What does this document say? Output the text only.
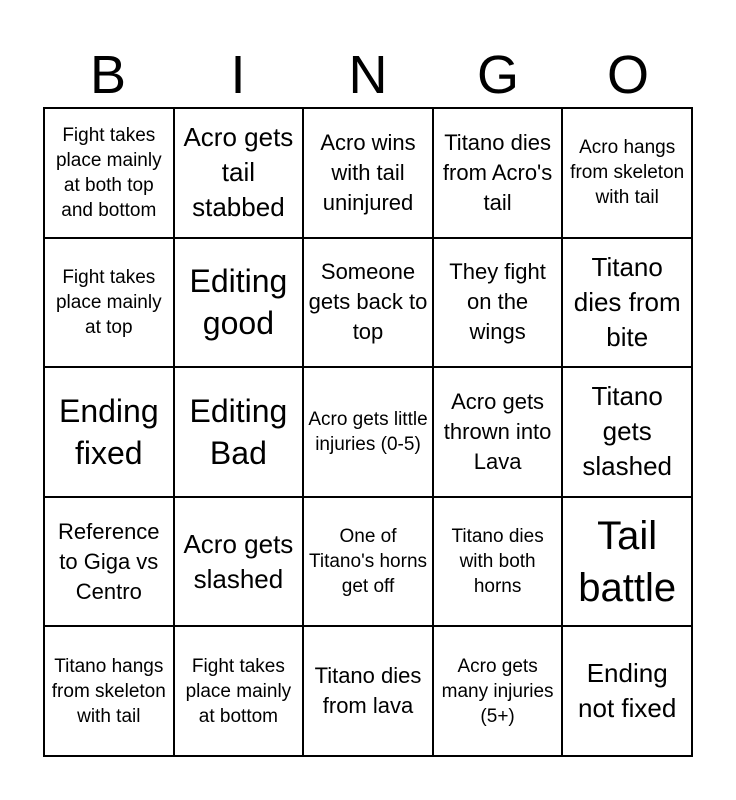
B	I	N	G	O
Fight takes place mainly at both top and bottom
Acro gets tail stabbed
Acro wins with tail uninjured
Titano dies from Acro's tail
Acro hangs from skeleton with tail
Fight takes place mainly at top
Editing good
Someone gets back to top
They fight on the wings
Titano dies from bite
Ending fixed
Editing Bad
Acro gets little injuries (0-5)
Acro gets thrown into Lava
Titano gets slashed
Reference to Giga vs Centro
Acro gets slashed
One of Titano's horns get off
Titano dies with both horns
Tail battle
Titano hangs from skeleton with tail
Fight takes place mainly at bottom
Titano dies from lava
Acro gets many injuries (5+)
Ending not fixed
